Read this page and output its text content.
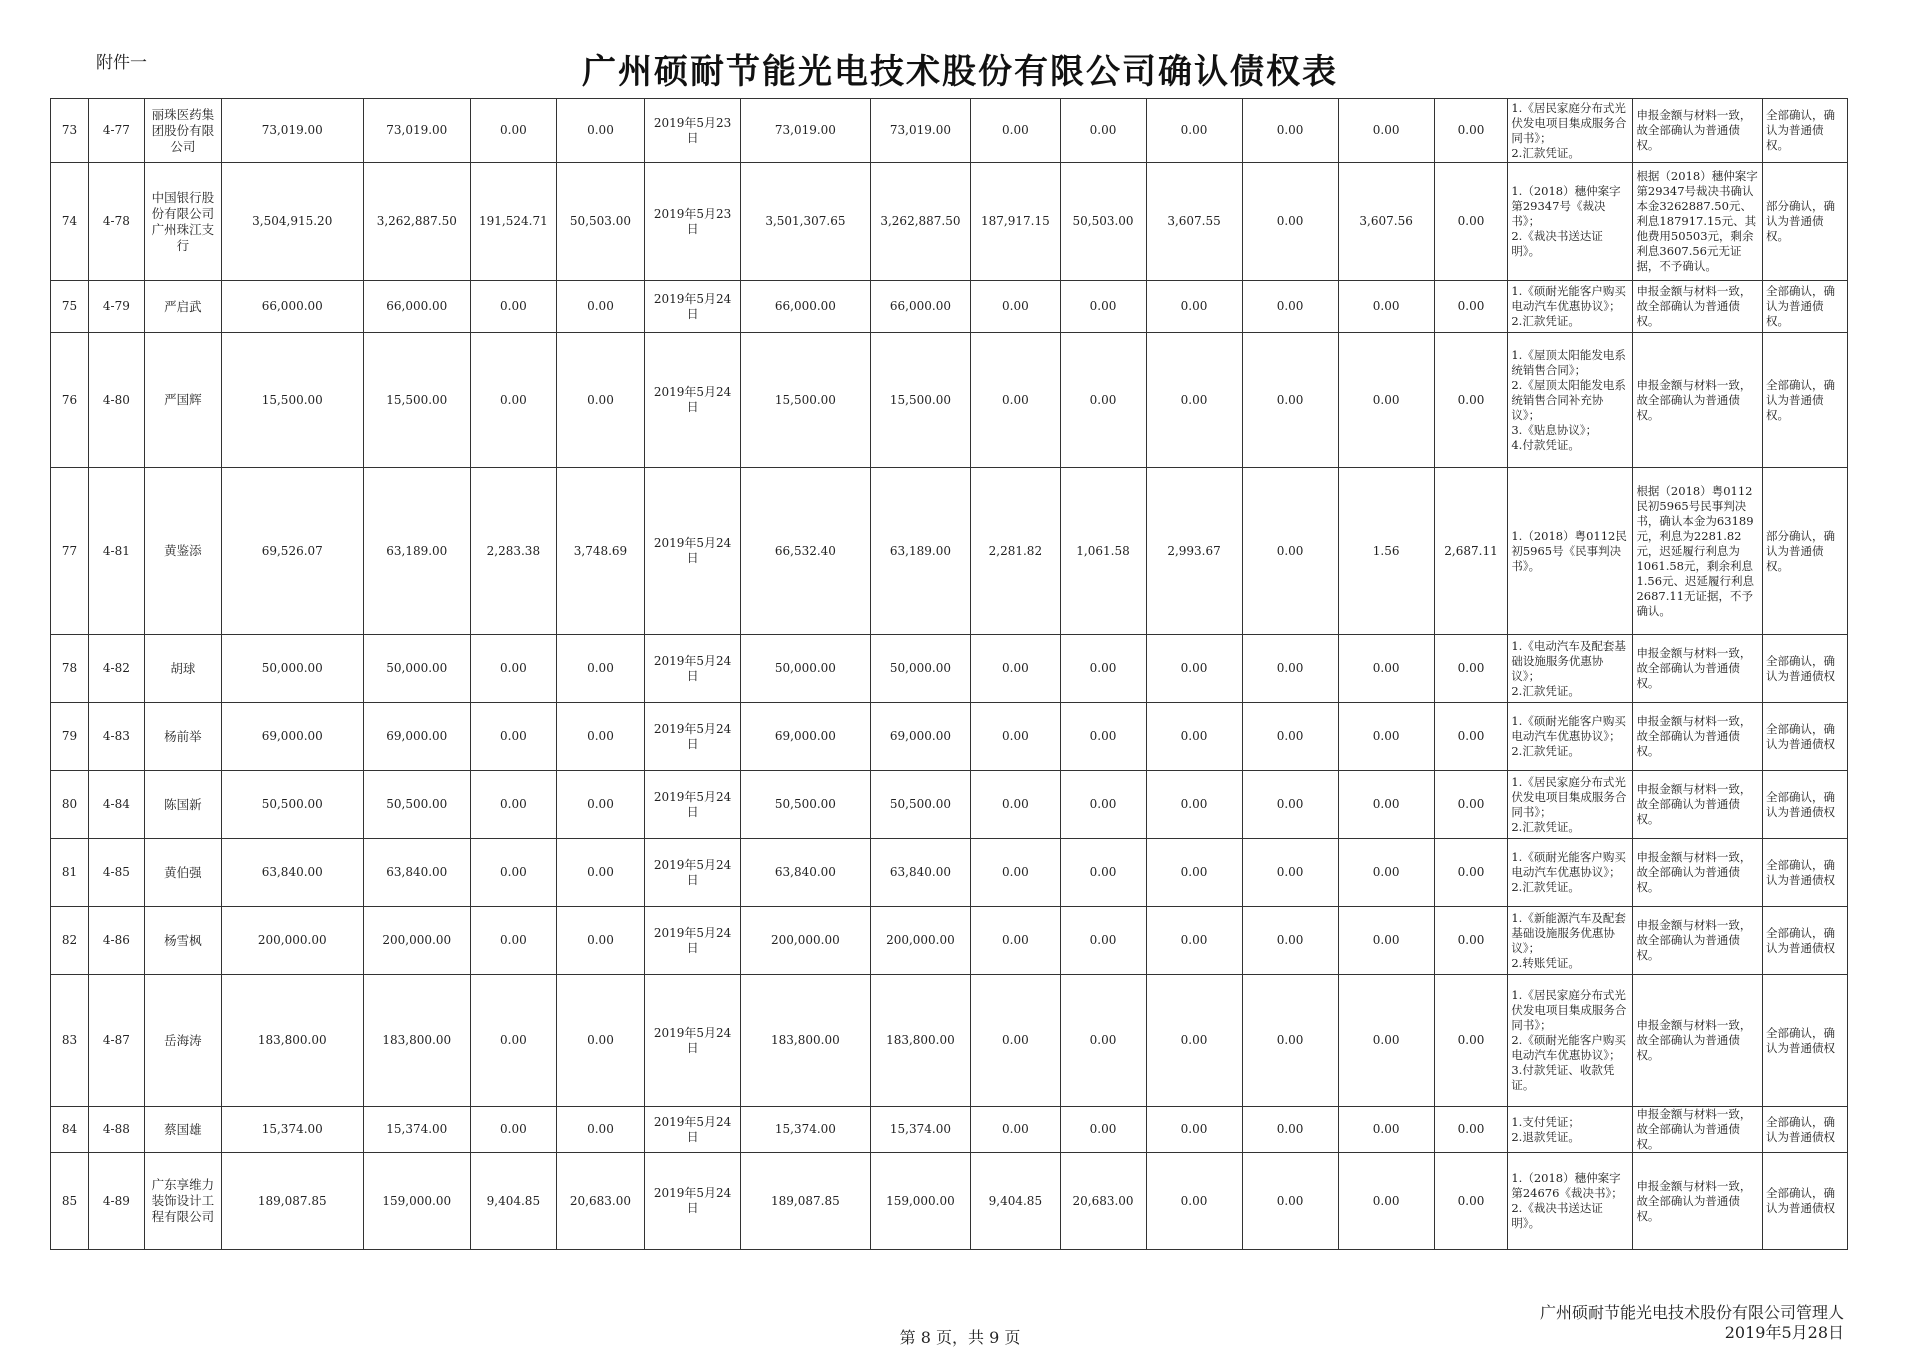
附件一	广州硕耐节能光电技术股份有限公司确认债权表
73	4-77	丽珠医药集团股份有限公司	73,019.00	73,019.00	0.00	0.00	2019年5月23日	73,019.00	73,019.00	0.00	0.00	0.00	0.00	0.00	0.00	1.《居民家庭分布式光伏发电项目集成服务合同书》；
2.汇款凭证。	申报金额与材料一致，故全部确认为普通债权。	全部确认，确认为普通债权。
74	4-78	中国银行股份有限公司广州珠江支行	3,504,915.20	3,262,887.50	191,524.71	50,503.00	2019年5月23日	3,501,307.65	3,262,887.50	187,917.15	50,503.00	3,607.55	0.00	3,607.56	0.00	1.（2018）穗仲案字第29347号《裁决书》；
2.《裁决书送达证明》。	根据（2018）穗仲案字第29347号裁决书确认本金3262887.50元、利息187917.15元、其他费用50503元，剩余利息3607.56元无证据，不予确认。	部分确认，确认为普通债权。
75	4-79	严启武	66,000.00	66,000.00	0.00	0.00	2019年5月24日	66,000.00	66,000.00	0.00	0.00	0.00	0.00	0.00	0.00	1.《硕耐光能客户购买电动汽车优惠协议》；
2.汇款凭证。	申报金额与材料一致，故全部确认为普通债权。	全部确认，确认为普通债权。
76	4-80	严国辉	15,500.00	15,500.00	0.00	0.00	2019年5月24日	15,500.00	15,500.00	0.00	0.00	0.00	0.00	0.00	0.00	1.《屋顶太阳能发电系统销售合同》；
2.《屋顶太阳能发电系统销售合同补充协议》；
3.《贴息协议》；
4.付款凭证。	申报金额与材料一致，故全部确认为普通债权。	全部确认，确认为普通债权。
77	4-81	黄鉴添	69,526.07	63,189.00	2,283.38	3,748.69	2019年5月24日	66,532.40	63,189.00	2,281.82	1,061.58	2,993.67	0.00	1.56	2,687.11	1.（2018）粤0112民初5965号《民事判决书》。	根据（2018）粤0112民初5965号民事判决书，确认本金为63189元，利息为2281.82元，迟延履行利息为1061.58元，剩余利息1.56元、迟延履行利息2687.11无证据，不予确认。	部分确认，确认为普通债权。
78	4-82	胡球	50,000.00	50,000.00	0.00	0.00	2019年5月24日	50,000.00	50,000.00	0.00	0.00	0.00	0.00	0.00	0.00	1.《电动汽车及配套基础设施服务优惠协议》；
2.汇款凭证。	申报金额与材料一致，故全部确认为普通债权。	全部确认，确认为普通债权
79	4-83	杨前举	69,000.00	69,000.00	0.00	0.00	2019年5月24日	69,000.00	69,000.00	0.00	0.00	0.00	0.00	0.00	0.00	1.《硕耐光能客户购买电动汽车优惠协议》；
2.汇款凭证。	申报金额与材料一致，故全部确认为普通债权。	全部确认，确认为普通债权
80	4-84	陈国新	50,500.00	50,500.00	0.00	0.00	2019年5月24日	50,500.00	50,500.00	0.00	0.00	0.00	0.00	0.00	0.00	1.《居民家庭分布式光伏发电项目集成服务合同书》；
2.汇款凭证。	申报金额与材料一致，故全部确认为普通债权。	全部确认，确认为普通债权
81	4-85	黄伯强	63,840.00	63,840.00	0.00	0.00	2019年5月24日	63,840.00	63,840.00	0.00	0.00	0.00	0.00	0.00	0.00	1.《硕耐光能客户购买电动汽车优惠协议》；
2.汇款凭证。	申报金额与材料一致，故全部确认为普通债权。	全部确认，确认为普通债权
82	4-86	杨雪枫	200,000.00	200,000.00	0.00	0.00	2019年5月24日	200,000.00	200,000.00	0.00	0.00	0.00	0.00	0.00	0.00	1.《新能源汽车及配套基础设施服务优惠协议》；
2.转账凭证。	申报金额与材料一致，故全部确认为普通债权。	全部确认，确认为普通债权
83	4-87	岳海涛	183,800.00	183,800.00	0.00	0.00	2019年5月24日	183,800.00	183,800.00	0.00	0.00	0.00	0.00	0.00	0.00	1.《居民家庭分布式光伏发电项目集成服务合同书》；
2.《硕耐光能客户购买电动汽车优惠协议》；
3.付款凭证、收款凭证。	申报金额与材料一致，故全部确认为普通债权。	全部确认，确认为普通债权
84	4-88	蔡国雄	15,374.00	15,374.00	0.00	0.00	2019年5月24日	15,374.00	15,374.00	0.00	0.00	0.00	0.00	0.00	0.00	1.支付凭证；
2.退款凭证。	申报金额与材料一致，故全部确认为普通债权。	全部确认，确认为普通债权
85	4-89	广东享维力装饰设计工程有限公司	189,087.85	159,000.00	9,404.85	20,683.00	2019年5月24日	189,087.85	159,000.00	9,404.85	20,683.00	0.00	0.00	0.00	0.00	1.（2018）穗仲案字第24676《裁决书》；
2.《裁决书送达证明》。	申报金额与材料一致，故全部确认为普通债权。	全部确认，确认为普通债权
广州硕耐节能光电技术股份有限公司管理人
2019年5月28日
第 8 页，共 9 页
